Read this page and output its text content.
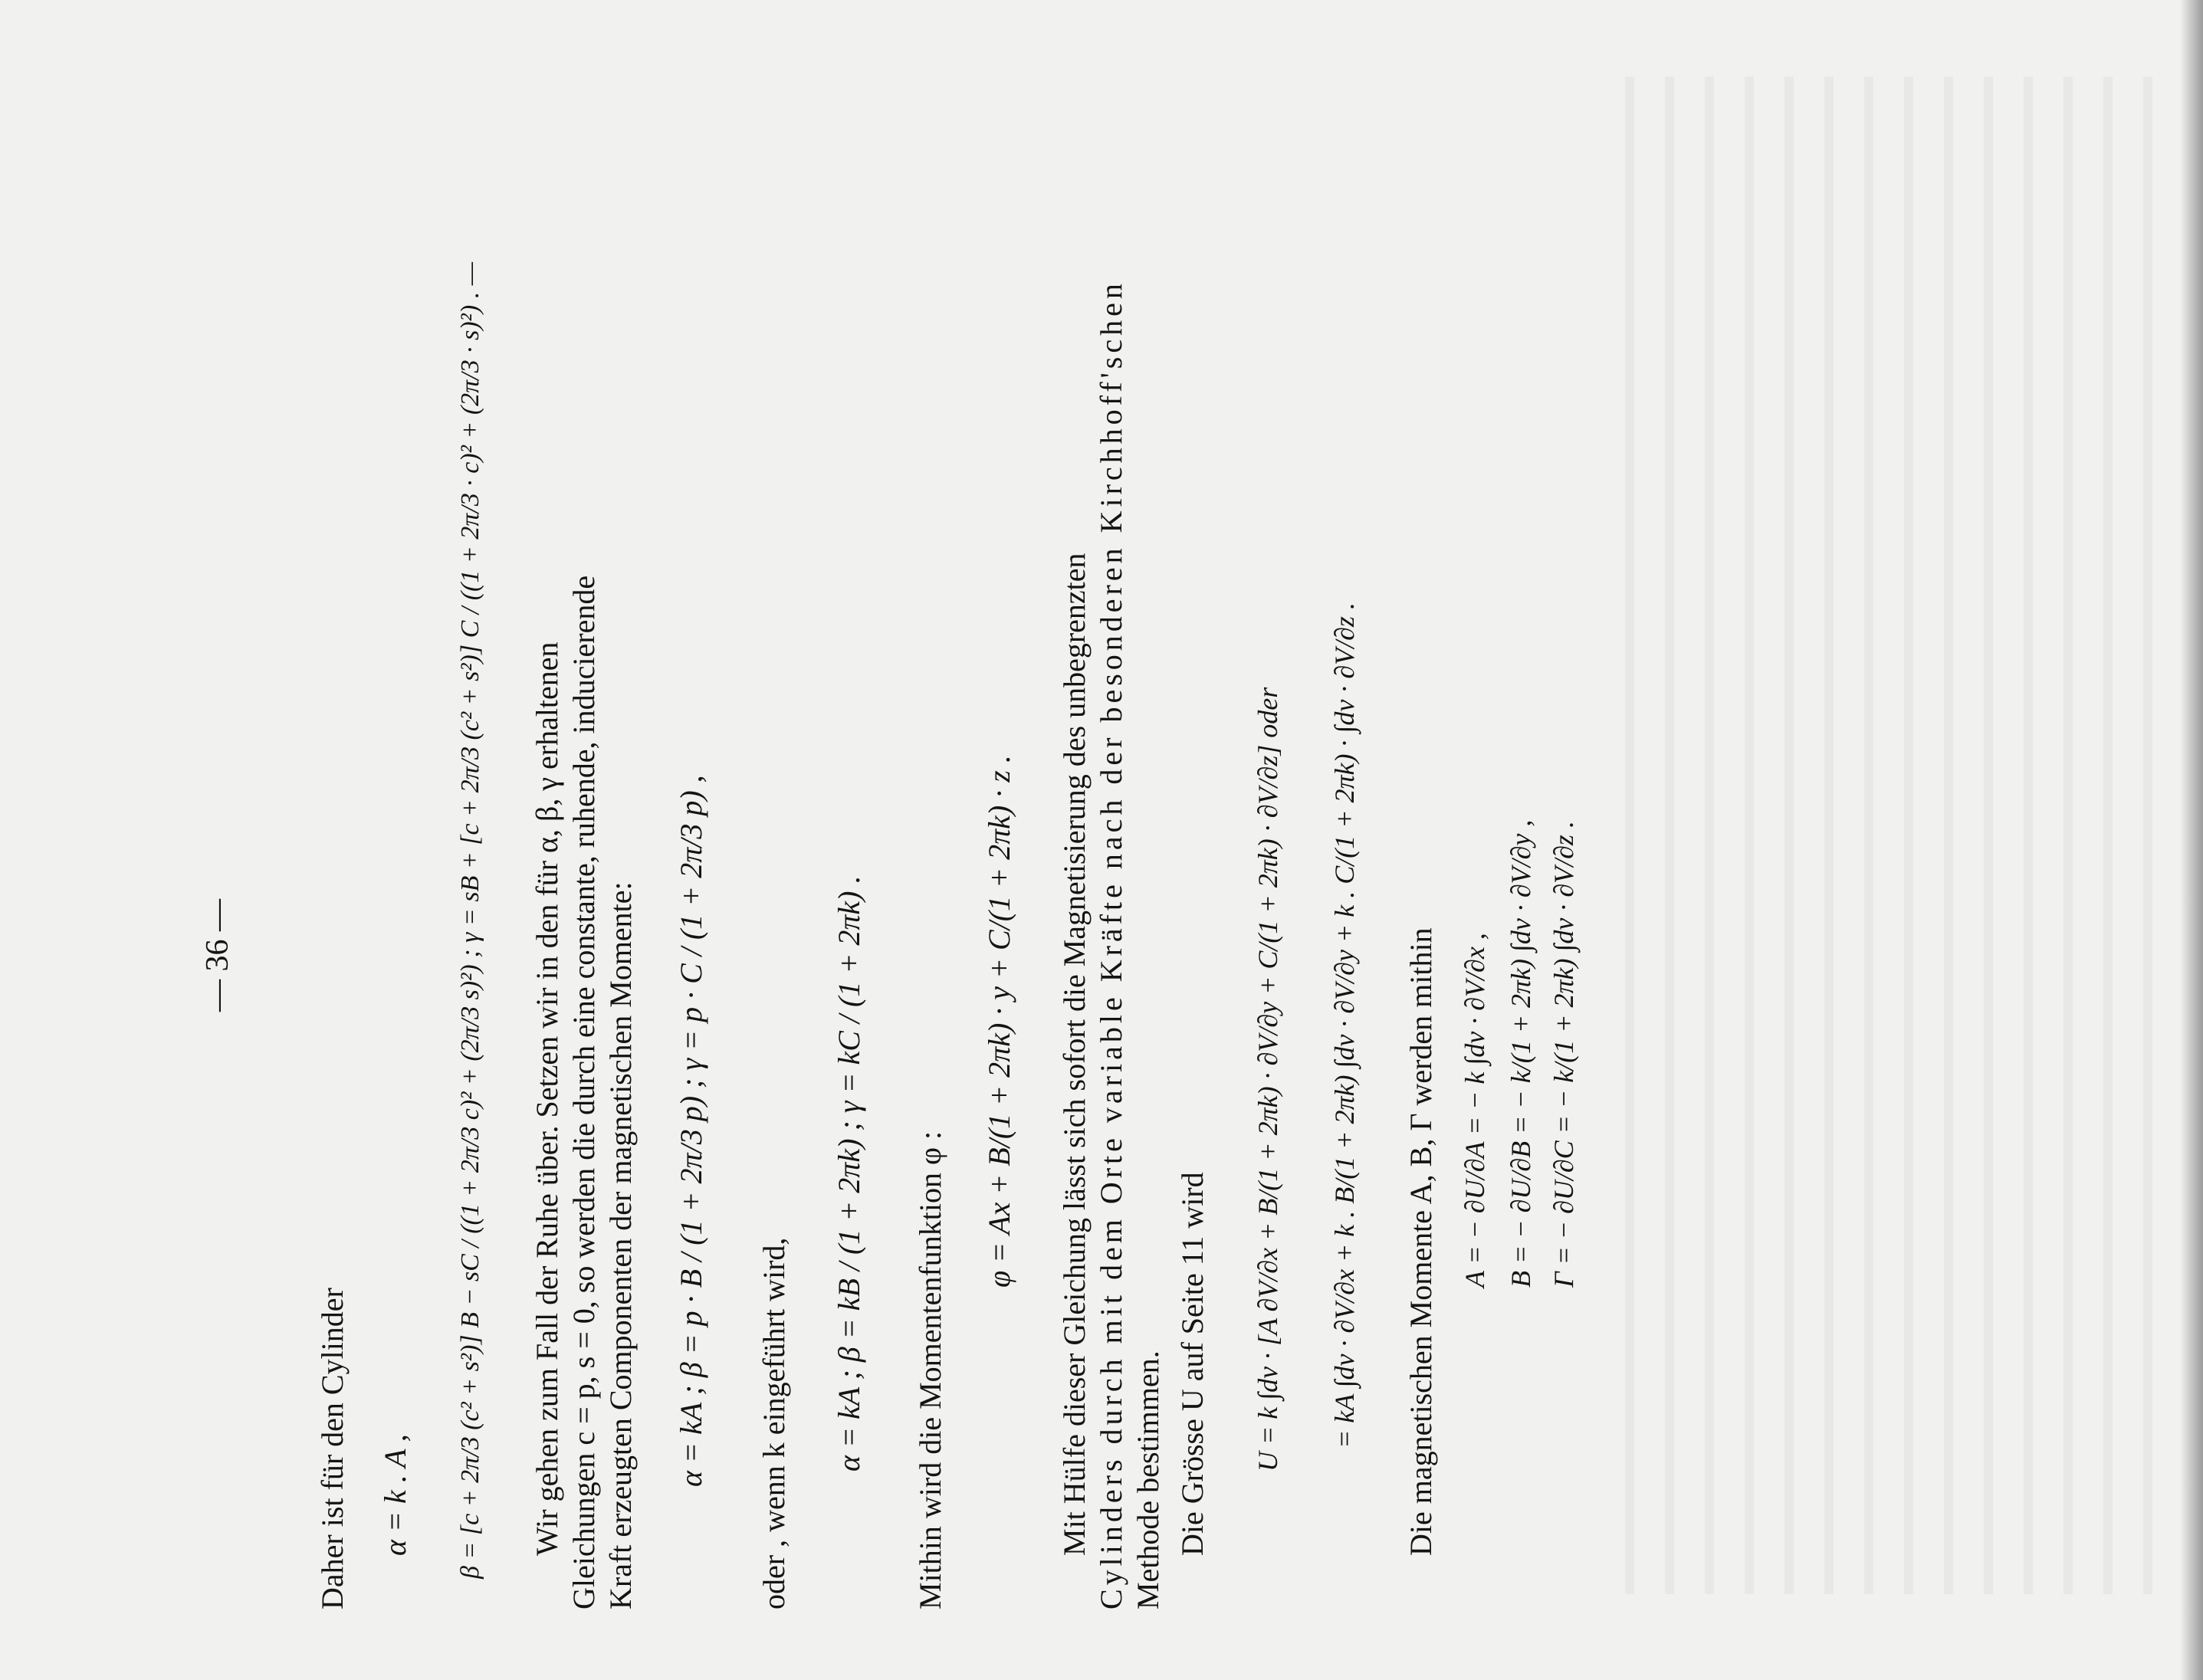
— 36 —
Daher ist für den Cylinder α = k . A , β = [c + 2π/3 (c² + s²)] B − sC / ((1 + 2π/3 c)² + (2π/3 s)²) ; γ = sB + [c + 2π/3 (c² + s²)] C / ((1 + 2π/3 · c)² + (2π/3 · s)²) . — Wir gehen zum Fall der Ruhe über. Setzen wir in den für α, β, γ erhaltenen Gleichungen c = p, s = 0, so werden die durch eine constante, ruhende, inducierende Kraft erzeugten Componenten der magnetischen Momente: α = kA ; β = p · B / (1 + 2π/3 p) ; γ = p · C / (1 + 2π/3 p) , oder , wenn k eingeführt wird, α = kA ; β = kB / (1 + 2πk) ; γ = kC / (1 + 2πk) . Mithin wird die Momentenfunktion φ :
φ = Ax + B/(1 + 2πk) · y + C/(1 + 2πk) · z . Mit Hülfe dieser Gleichung lässt sich sofort die Magnetisierung des unbegrenzten Cylinders durch mit dem Orte variable Kräfte nach der besonderen Kirchhoff'schen Methode bestimmen. Die Grösse U auf Seite 11 wird U = k ∫dv · [A ∂V/∂x + B/(1 + 2πk) · ∂V/∂y + C/(1 + 2πk) · ∂V/∂z] oder = kA ∫dv · ∂V/∂x + k . B/(1 + 2πk) ∫dv · ∂V/∂y + k . C/(1 + 2πk) · ∫dv · ∂V/∂z . Die magnetischen Momente A, B, Γ werden mithin A = − ∂U/∂A = − k ∫dv · ∂V/∂x , B = − ∂U/∂B = − k/(1 + 2πk) ∫dv · ∂V/∂y , Γ = − ∂U/∂C = − k/(1 + 2πk) ∫dv · ∂V/∂z .
